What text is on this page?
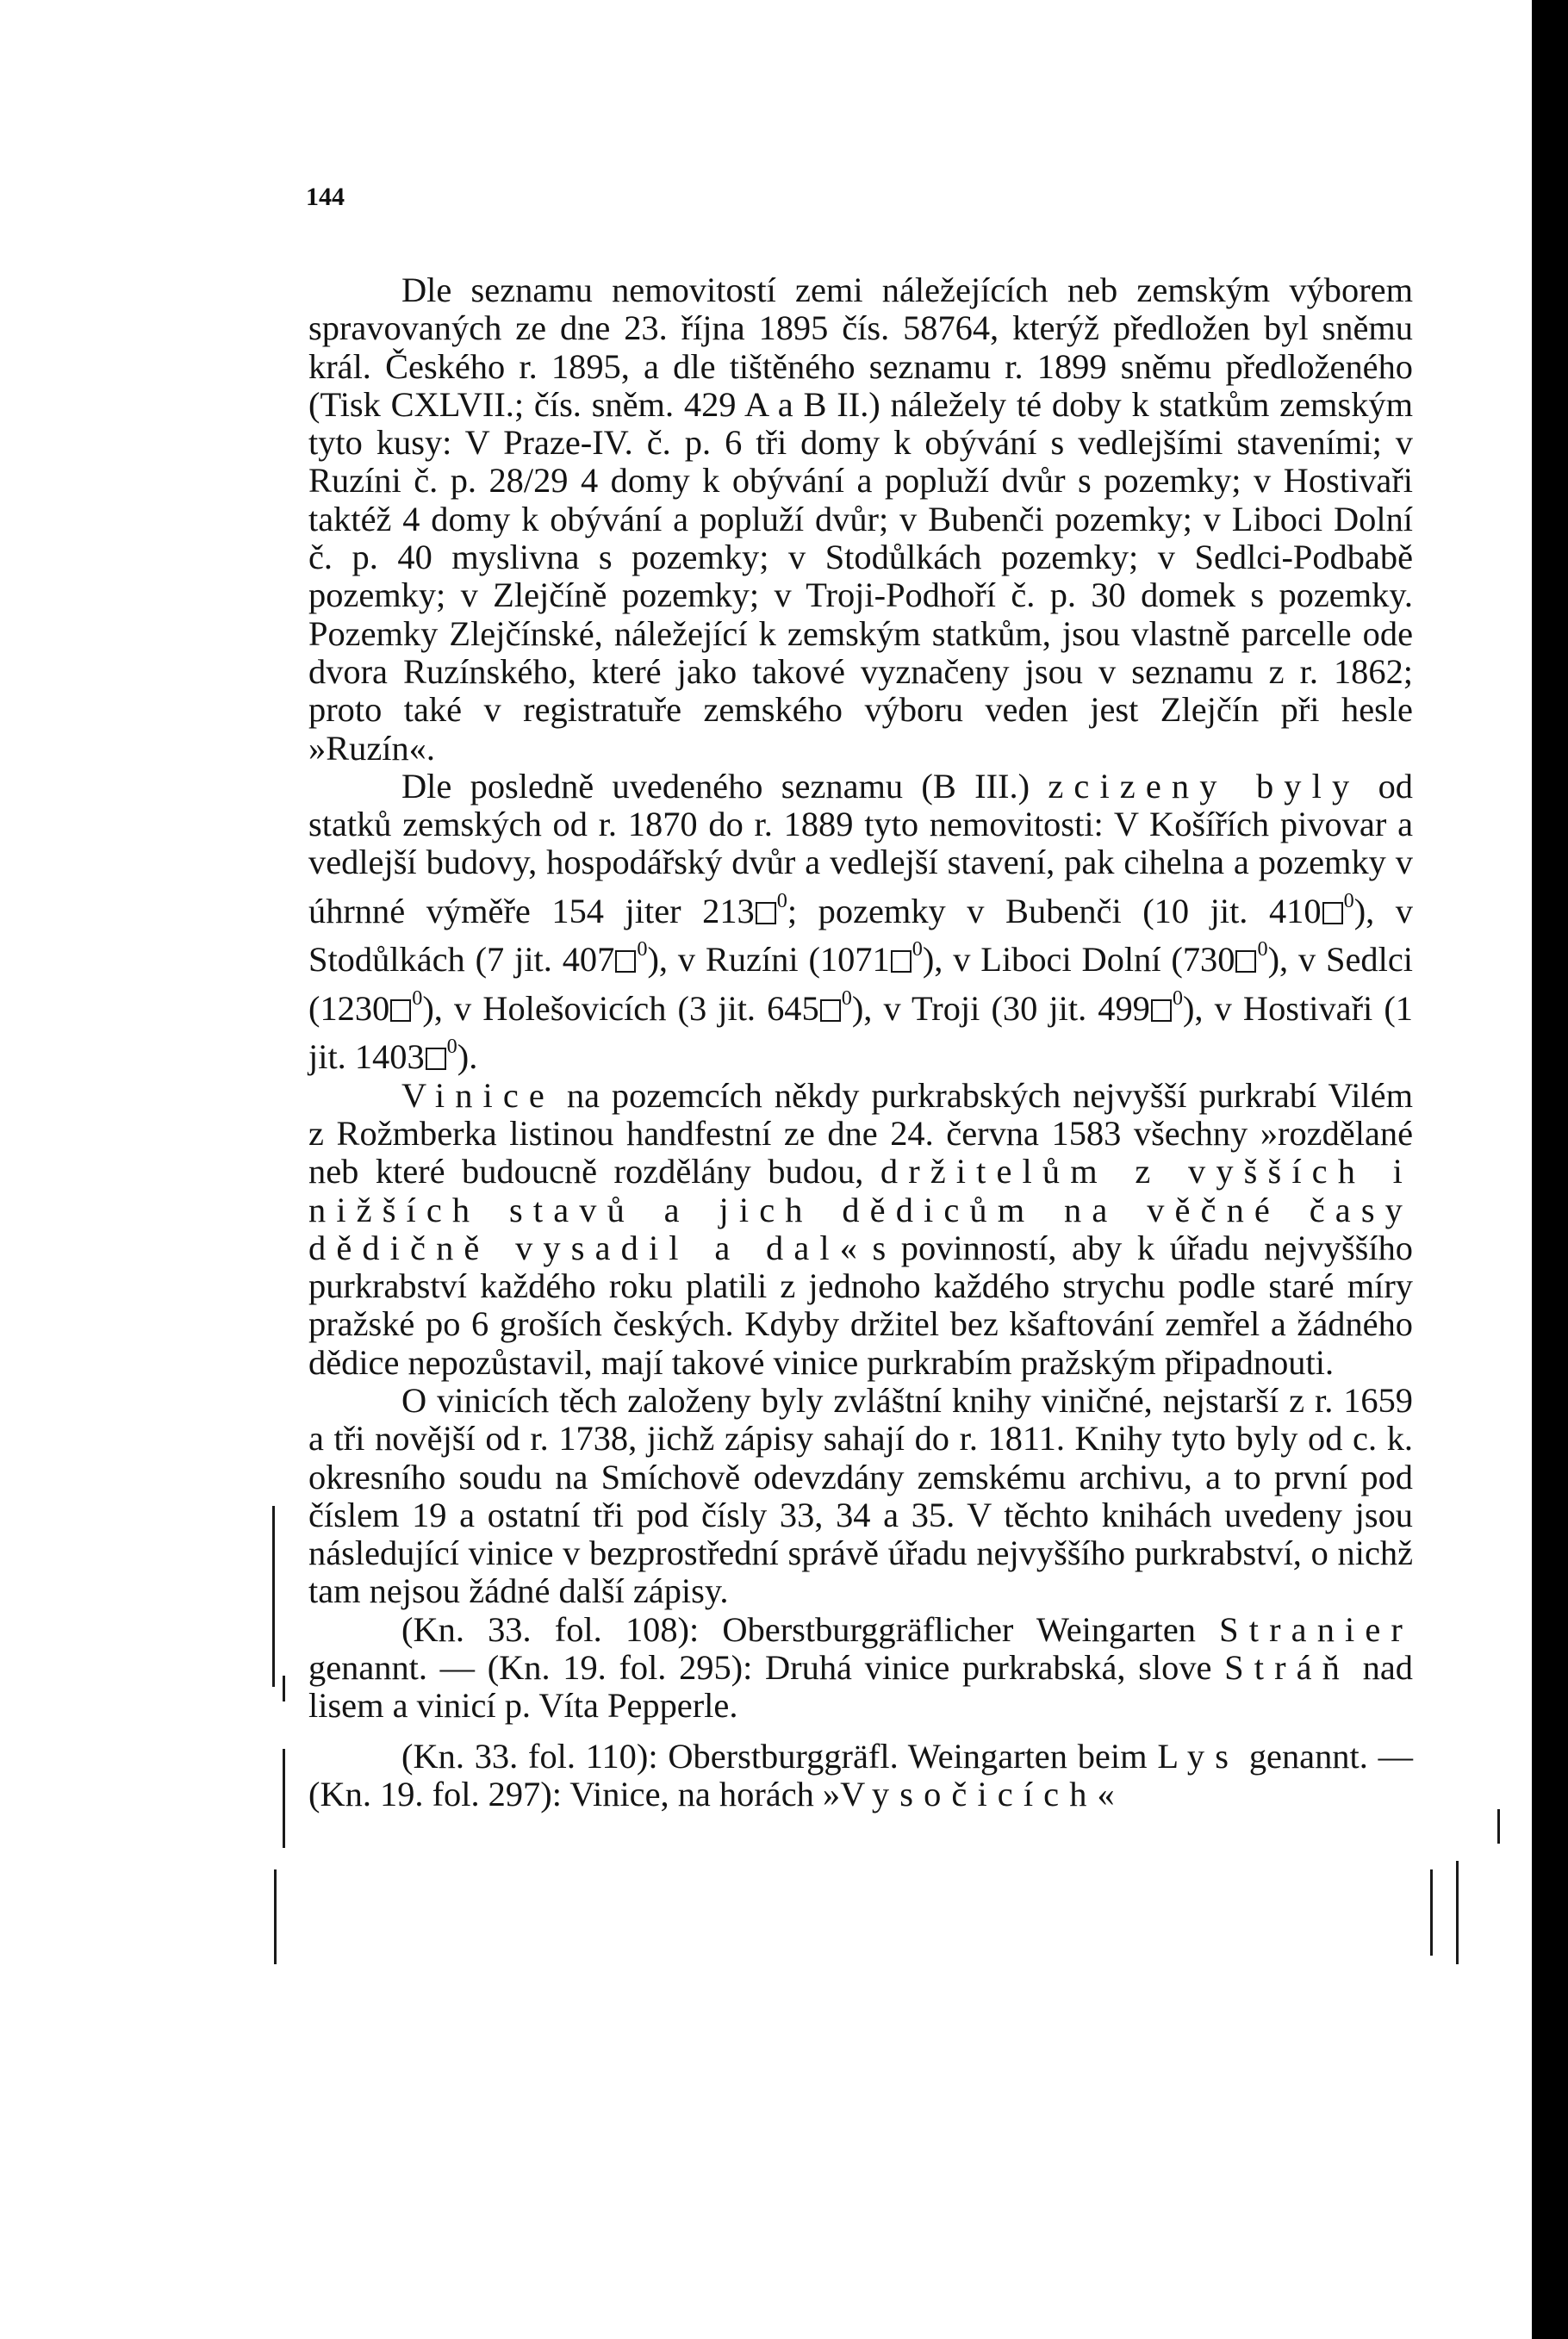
144

Dle seznamu nemovitostí zemi náležejících neb zemským výborem spravovaných ze dne 23. října 1895 čís. 58764, kterýž předložen byl sněmu král. Českého r. 1895, a dle tištěného seznamu r. 1899 sněmu předloženého (Tisk CXLVII.; čís. sněm. 429 A a B II.) náležely té doby k statkům zemským tyto kusy: V Praze-IV. č. p. 6 tři domy k obývání s vedlejšími staveními; v Ruzíni č. p. 28/29 4 domy k obývání a popluží dvůr s pozemky; v Hostivaři taktéž 4 domy k obývání a popluží dvůr; v Bubenči pozemky; v Liboci Dolní č. p. 40 myslivna s pozemky; v Stodůlkách pozemky; v Sedlci-Podbabě pozemky; v Zlejčíně pozemky; v Troji-Podhoří č. p. 30 domek s pozemky. Pozemky Zlejčínské, náležející k zemským statkům, jsou vlastně parcelle ode dvora Ruzínského, které jako takové vyznačeny jsou v seznamu z r. 1862; proto také v registratuře zemského výboru veden jest Zlejčín při hesle »Ruzín«.

Dle posledně uvedeného seznamu (B III.) zcizeny byly od statků zemských od r. 1870 do r. 1889 tyto nemovitosti: V Košířích pivovar a vedlejší budovy, hospodářský dvůr a vedlejší stavení, pak cihelna a pozemky v úhrnné výměře 154 jiter 213 $^0$; pozemky v Bubenči (10 jit. 410 $^0$), v Stodůlkách (7 jit. 407 $^0$), v Ruzíni (1071 $^0$), v Liboci Dolní (730 $^0$), v Sedlci (1230 $^0$), v Holešovicích (3 jit. 645 $^0$), v Troji (30 jit. 499 $^0$), v Hostivaři (1 jit. 1403 $^0$).

Vinice na pozemcích někdy purkrabských nejvyšší purkrabí Vilém z Rožmberka listinou handfestní ze dne 24. června 1583 všechny »rozdělané neb které budoucně rozdělány budou, držitelům z vyšších i nižších stavů a jich dědicům na věčné časy dědičně vysadil a dal« s povinností, aby k úřadu nejvyššího purkrabství každého roku platili z jednoho každého strychu podle staré míry pražské po 6 groších českých. Kdyby držitel bez kšaftování zemřel a žádného dědice nepozůstavil, mají takové vinice purkrabím pražským připadnouti.

O vinicích těch založeny byly zvláštní knihy viničné, nejstarší z r. 1659 a tři novější od r. 1738, jichž zápisy sahají do r. 1811. Knihy tyto byly od c. k. okresního soudu na Smíchově odevzdány zemskému archivu, a to první pod číslem 19 a ostatní tři pod čísly 33, 34 a 35. V těchto knihách uvedeny jsou následující vinice v bezprostřední správě úřadu nejvyššího purkrabství, o nichž tam nejsou žádné další zápisy.

(Kn. 33. fol. 108): Oberstburggräflicher Weingarten Stranier genannt. — (Kn. 19. fol. 295): Druhá vinice purkrabská, slove Stráň nad lisem a vinicí p. Víta Pepperle.

(Kn. 33. fol. 110): Oberstburggräfl. Weingarten beim Lys genannt. — (Kn. 19. fol. 297): Vinice, na horách »Vysočicích«
